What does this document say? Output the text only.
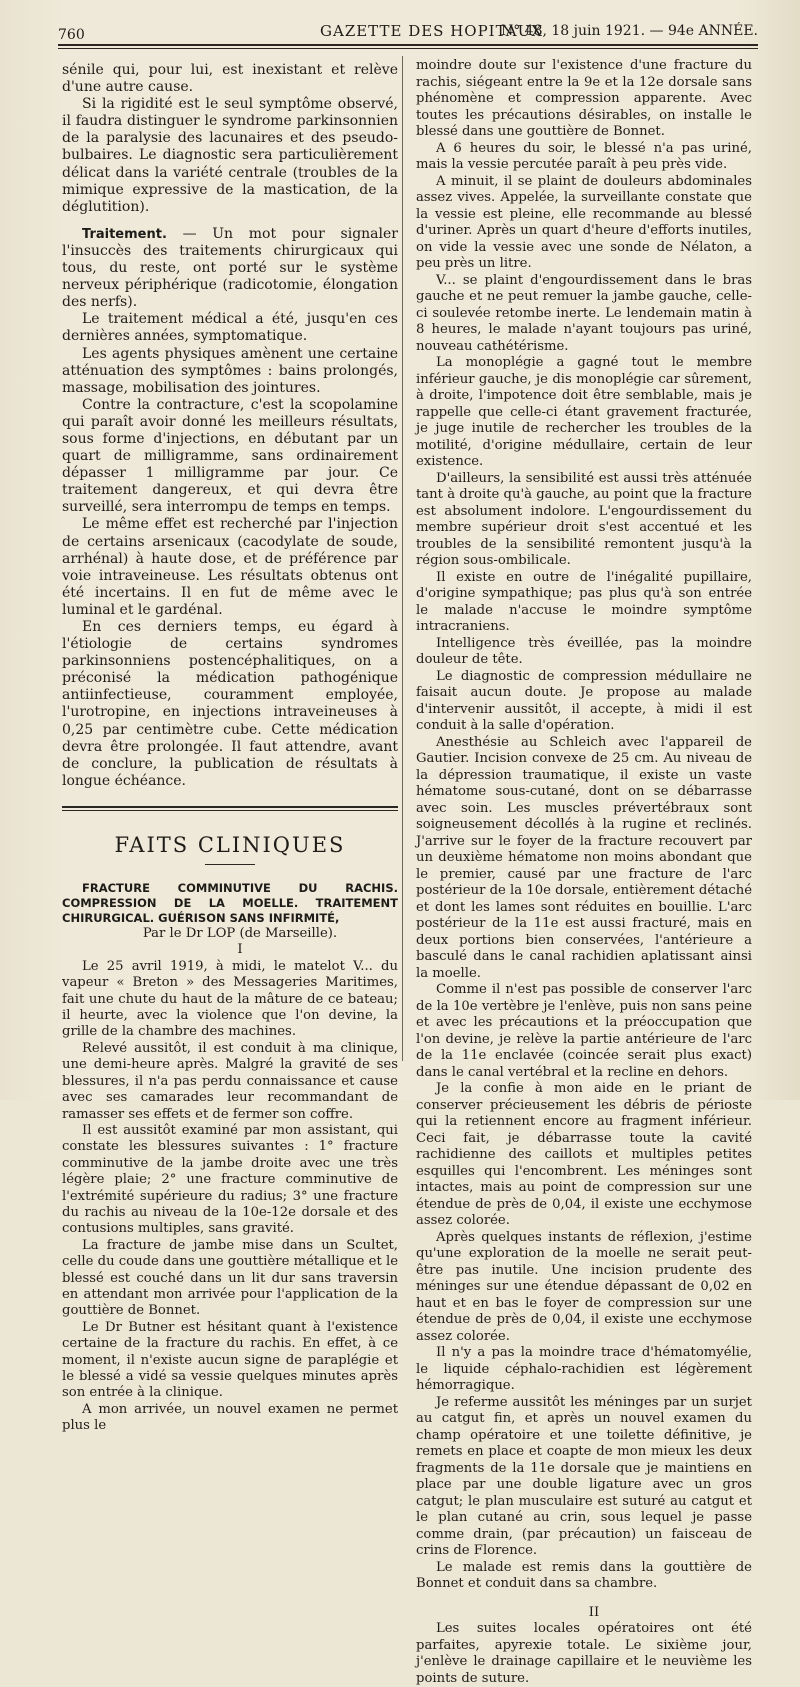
760	GAZETTE DES HOPITAUX
N° 48, 18 juin 1921. — 94e ANNÉE.

sénile qui, pour lui, est inexistant et relève d'une autre cause.

Si la rigidité est le seul symptôme observé, il faudra distinguer le syndrome parkinsonnien de la paralysie des lacunaires et des pseudo-bulbaires. Le diagnostic sera particulièrement délicat dans la variété centrale (troubles de la mimique expressive de la mastication, de la déglutition).

Traitement. — Un mot pour signaler l'insuccès des traitements chirurgicaux qui tous, du reste, ont porté sur le système nerveux périphérique (radicotomie, élongation des nerfs).

Le traitement médical a été, jusqu'en ces dernières années, symptomatique.

Les agents physiques amènent une certaine atténuation des symptômes : bains prolongés, massage, mobilisation des jointures.

Contre la contracture, c'est la scopolamine qui paraît avoir donné les meilleurs résultats, sous forme d'injections, en débutant par un quart de milligramme, sans ordinairement dépasser 1 milligramme par jour. Ce traitement dangereux, et qui devra être surveillé, sera interrompu de temps en temps.

Le même effet est recherché par l'injection de certains arsenicaux (cacodylate de soude, arrhénal) à haute dose, et de préférence par voie intraveineuse. Les résultats obtenus ont été incertains. Il en fut de même avec le luminal et le gardénal.

En ces derniers temps, eu égard à l'étiologie de certains syndromes parkinsonniens postencéphalitiques, on a préconisé la médication pathogénique antiinfectieuse, couramment employée, l'urotropine, en injections intraveineuses à 0,25 par centimètre cube. Cette médication devra être prolongée. Il faut attendre, avant de conclure, la publication de résultats à longue échéance.

FAITS CLINIQUES

FRACTURE COMMINUTIVE DU RACHIS. COMPRESSION DE LA MOELLE. TRAITEMENT CHIRURGICAL. GUÉRISON SANS INFIRMITÉ,

Par le Dr LOP (de Marseille).

I

Le 25 avril 1919, à midi, le matelot V... du vapeur « Breton » des Messageries Maritimes, fait une chute du haut de la mâture de ce bateau; il heurte, avec la violence que l'on devine, la grille de la chambre des machines.

Relevé aussitôt, il est conduit à ma clinique, une demi-heure après. Malgré la gravité de ses blessures, il n'a pas perdu connaissance et cause avec ses camarades leur recommandant de ramasser ses effets et de fermer son coffre.

Il est aussitôt examiné par mon assistant, qui constate les blessures suivantes : 1° fracture comminutive de la jambe droite avec une très légère plaie; 2° une fracture comminutive de l'extrémité supérieure du radius; 3° une fracture du rachis au niveau de la 10e-12e dorsale et des contusions multiples, sans gravité.

La fracture de jambe mise dans un Scultet, celle du coude dans une gouttière métallique et le blessé est couché dans un lit dur sans traversin en attendant mon arrivée pour l'application de la gouttière de Bonnet.

Le Dr Butner est hésitant quant à l'existence certaine de la fracture du rachis. En effet, à ce moment, il n'existe aucun signe de paraplégie et le blessé a vidé sa vessie quelques minutes après son entrée à la clinique.

A mon arrivée, un nouvel examen ne permet plus le

moindre doute sur l'existence d'une fracture du rachis, siégeant entre la 9e et la 12e dorsale sans phénomène et compression apparente. Avec toutes les précautions désirables, on installe le blessé dans une gouttière de Bonnet.

A 6 heures du soir, le blessé n'a pas uriné, mais la vessie percutée paraît à peu près vide.

A minuit, il se plaint de douleurs abdominales assez vives. Appelée, la surveillante constate que la vessie est pleine, elle recommande au blessé d'uriner. Après un quart d'heure d'efforts inutiles, on vide la vessie avec une sonde de Nélaton, a peu près un litre.

V... se plaint d'engourdissement dans le bras gauche et ne peut remuer la jambe gauche, celle-ci soulevée retombe inerte. Le lendemain matin à 8 heures, le malade n'ayant toujours pas uriné, nouveau cathétérisme.

La monoplégie a gagné tout le membre inférieur gauche, je dis monoplégie car sûrement, à droite, l'impotence doit être semblable, mais je rappelle que celle-ci étant gravement fracturée, je juge inutile de rechercher les troubles de la motilité, d'origine médullaire, certain de leur existence.

D'ailleurs, la sensibilité est aussi très atténuée tant à droite qu'à gauche, au point que la fracture est absolument indolore. L'engourdissement du membre supérieur droit s'est accentué et les troubles de la sensibilité remontent jusqu'à la région sous-ombilicale.

Il existe en outre de l'inégalité pupillaire, d'origine sympathique; pas plus qu'à son entrée le malade n'accuse le moindre symptôme intracraniens.

Intelligence très éveillée, pas la moindre douleur de tête.

Le diagnostic de compression médullaire ne faisait aucun doute. Je propose au malade d'intervenir aussitôt, il accepte, à midi il est conduit à la salle d'opération.

Anesthésie au Schleich avec l'appareil de Gautier. Incision convexe de 25 cm. Au niveau de la dépression traumatique, il existe un vaste hématome sous-cutané, dont on se débarrasse avec soin. Les muscles prévertébraux sont soigneusement décollés à la rugine et reclinés. J'arrive sur le foyer de la fracture recouvert par un deuxième hématome non moins abondant que le premier, causé par une fracture de l'arc postérieur de la 10e dorsale, entièrement détaché et dont les lames sont réduites en bouillie. L'arc postérieur de la 11e est aussi fracturé, mais en deux portions bien conservées, l'antérieure a basculé dans le canal rachidien aplatissant ainsi la moelle.

Comme il n'est pas possible de conserver l'arc de la 10e vertèbre je l'enlève, puis non sans peine et avec les précautions et la préoccupation que l'on devine, je relève la partie antérieure de l'arc de la 11e enclavée (coincée serait plus exact) dans le canal vertébral et la recline en dehors.

Je la confie à mon aide en le priant de conserver précieusement les débris de périoste qui la retiennent encore au fragment inférieur. Ceci fait, je débarrasse toute la cavité rachidienne des caillots et multiples petites esquilles qui l'encombrent. Les méninges sont intactes, mais au point de compression sur une étendue de près de 0,04, il existe une ecchymose assez colorée.

Après quelques instants de réflexion, j'estime qu'une exploration de la moelle ne serait peut-être pas inutile. Une incision prudente des méninges sur une étendue dépassant de 0,02 en haut et en bas le foyer de compression sur une étendue de près de 0,04, il existe une ecchymose assez colorée.

Il n'y a pas la moindre trace d'hématomyélie, le liquide céphalo-rachidien est légèrement hémorragique.

Je referme aussitôt les méninges par un surjet au catgut fin, et après un nouvel examen du champ opératoire et une toilette définitive, je remets en place et coapte de mon mieux les deux fragments de la 11e dorsale que je maintiens en place par une double ligature avec un gros catgut; le plan musculaire est suturé au catgut et le plan cutané au crin, sous lequel je passe comme drain, (par précaution) un faisceau de crins de Florence.

Le malade est remis dans la gouttière de Bonnet et conduit dans sa chambre.

II

Les suites locales opératoires ont été parfaites, apyrexie totale. Le sixième jour, j'enlève le drainage capillaire et le neuvième les points de suture.
